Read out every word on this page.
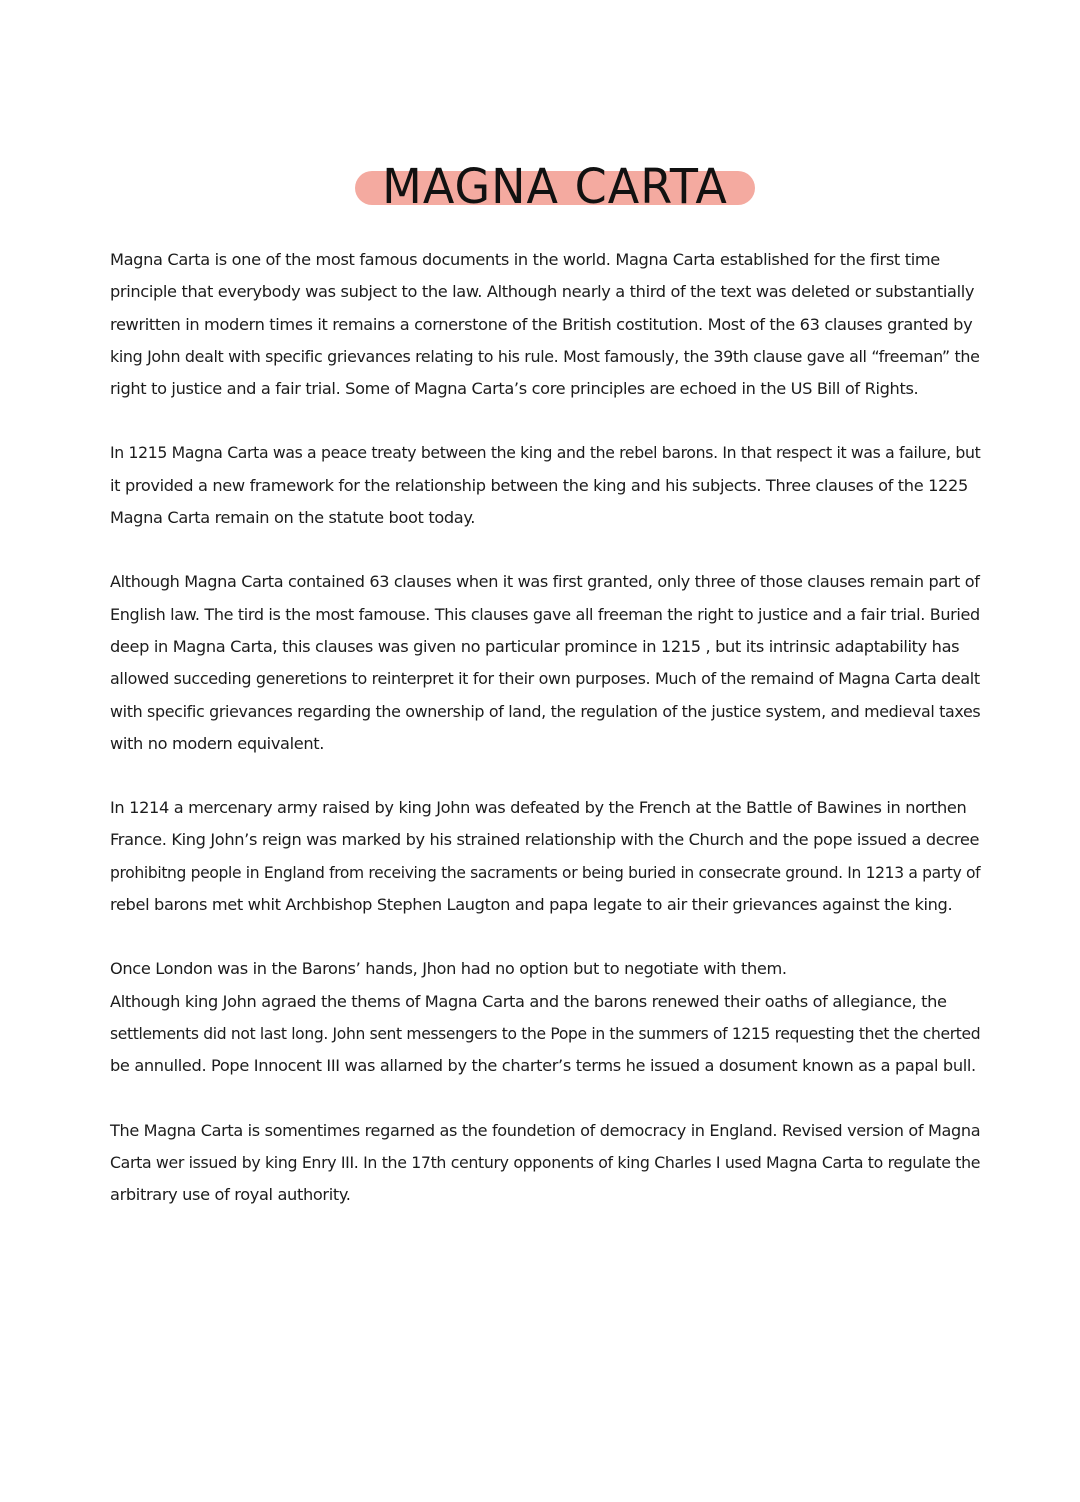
MAGNA CARTA

Magna Carta is one of the most famous documents in the world. Magna Carta established for the first time
principle that everybody was subject to the law. Although nearly a third of the text was deleted or substantially
rewritten in modern times it remains a cornerstone of the British costitution. Most of the 63 clauses granted by
king John dealt with specific grievances relating to his rule. Most famously, the 39th clause gave all “freeman” the
right to justice and a fair trial. Some of Magna Carta’s core principles are echoed in the US Bill of Rights.

In 1215 Magna Carta was a peace treaty between the king and the rebel barons. In that respect it was a failure, but
it provided a new framework for the relationship between the king and his subjects. Three clauses of the 1225
Magna Carta remain on the statute boot today.

Although Magna Carta contained 63 clauses when it was first granted, only three of those clauses remain part of
English law. The tird is the most famouse. This clauses gave all freeman the right to justice and a fair trial. Buried
deep in Magna Carta, this clauses was given no particular promince in 1215 , but its intrinsic adaptability has
allowed succeding generetions to reinterpret it for their own purposes. Much of the remaind of Magna Carta dealt
with specific grievances regarding the ownership of land, the regulation of the justice system, and medieval taxes
with no modern equivalent.

In 1214 a mercenary army raised by king John was defeated by the French at the Battle of Bawines in northen
France. King John’s reign was marked by his strained relationship with the Church and the pope issued a decree
prohibitng people in England from receiving the sacraments or being buried in consecrate ground. In 1213 a party of
rebel barons met whit Archbishop Stephen Laugton and papa legate to air their grievances against the king.

Once London was in the Barons’ hands, Jhon had no option but to negotiate with them.
Although king John agraed the thems of Magna Carta and the barons renewed their oaths of allegiance, the
settlements did not last long. John sent messengers to the Pope in the summers of 1215 requesting thet the cherted
be annulled. Pope Innocent III was allarned by the charter’s terms he issued a dosument known as a papal bull.

The Magna Carta is somentimes regarned as the foundetion of democracy in England. Revised version of Magna
Carta wer issued by king Enry III. In the 17th century opponents of king Charles I used Magna Carta to regulate the
arbitrary use of royal authority.
